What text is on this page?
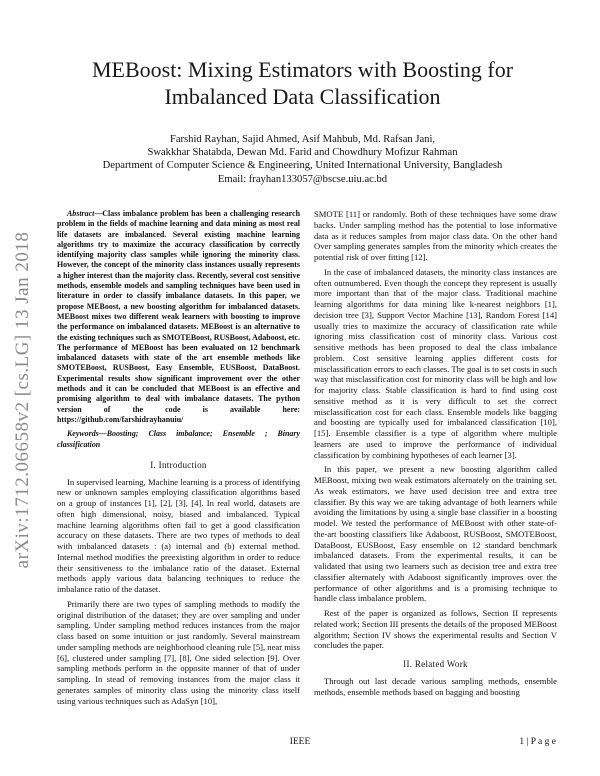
arXiv:1712.06658v2 [cs.LG] 13 Jan 2018
MEBoost: Mixing Estimators with Boosting for Imbalanced Data Classification
Farshid Rayhan, Sajid Ahmed, Asif Mahbub, Md. Rafsan Jani,
Swakkhar Shatabda, Dewan Md. Farid and Chowdhury Mofizur Rahman
Department of Computer Science & Engineering, United International University, Bangladesh
Email: frayhan133057@bscse.uiu.ac.bd
Abstract—Class imbalance problem has been a challenging research problem in the fields of machine learning and data mining as most real life datasets are imbalanced. Several existing machine learning algorithms try to maximize the accuracy classification by correctly identifying majority class samples while ignoring the minority class. However, the concept of the minority class instances usually represents a higher interest than the majority class. Recently, several cost sensitive methods, ensemble models and sampling techniques have been used in literature in order to classify imbalance datasets. In this paper, we propose MEBoost, a new boosting algorithm for imbalanced datasets. MEBoost mixes two different weak learners with boosting to improve the performance on imbalanced datasets. MEBoost is an alternative to the existing techniques such as SMOTEBoost, RUSBoost, Adaboost, etc. The performance of MEBoost has been evaluated on 12 benchmark imbalanced datasets with state of the art ensemble methods like SMOTEBoost, RUSBoost, Easy Ensemble, EUSBoost, DataBoost. Experimental results show significant improvement over the other methods and it can be concluded that MEBoost is an effective and promising algorithm to deal with imbalance datasets. The python version of the code is available here: https://github.com/farshidrayhanuiu/
Keywords—Boosting; Class imbalance; Ensemble ; Binary classification
I. Introduction

In supervised learning, Machine learning is a process of identifying new or unknown samples employing classification algorithms based on a group of instances [1], [2], [3], [4]. In real world, datasets are often high dimensional, noisy, biased and imbalanced. Typical machine learning algorithms often fail to get a good classification accuracy on these datasets. There are two types of methods to deal with imbalanced datasets : (a) internal and (b) external method. Internal method modifies the preexisting algorithm in order to reduce their sensitiveness to the imbalance ratio of the dataset. External methods apply various data balancing techniques to reduce the imbalance ratio of the dataset.

Primarily there are two types of sampling methods to modify the original distribution of the dataset; they are over sampling and under sampling. Under sampling method reduces instances from the major class based on some intuition or just randomly. Several mainstream under sampling methods are neighborhood cleaning rule [5], near miss [6], clustered under sampling [7], [8], One sided selection [9]. Over sampling methods perform in the opposite manner of that of under sampling. In stead of removing instances from the major class it generates samples of minority class using the minority class itself using various techniques such as AdaSyn [10],

SMOTE [11] or randomly. Both of these techniques have some draw backs. Under sampling method has the potential to lose informative data as it reduces samples from major class data. On the other hand Over sampling generates samples from the minority which creates the potential risk of over fitting [12].

In the case of imbalanced datasets, the minority class instances are often outnumbered. Even though the concept they represent is usually more important than that of the major class. Traditional machine learning algorithms for data mining like k-nearest neighbors [1], decision tree [3], Support Vector Machine [13], Random Forest [14] usually tries to maximize the accuracy of classification rate while ignoring miss classification cost of minority class. Various cost sensitive methods has been proposed to deal the class imbalance problem. Cost sensitive learning applies different costs for misclassification errors to each classes. The goal is to set costs in such way that misclassification cost for minority class will be high and low for majority class. Stable classification is hard to find using cost sensitive method as it is very difficult to set the correct misclassification cost for each class. Ensemble models like bagging and boosting are typically used for imbalanced classification [10], [15]. Ensemble classifier is a type of algorithm where multiple learners are used to improve the performance of individual classification by combining hypotheses of each learner [3].

In this paper, we present a new boosting algorithm called MEBoost, mixing two weak estimators alternately on the training set. As weak estimators, we have used decision tree and extra tree classifier. By this way we are taking advantage of both learners while avoiding the limitations by using a single base classifier in a boosting model. We tested the performance of MEBoost with other state-of-the-art boosting classifiers like Adaboost, RUSBoost, SMOTEBoost, DataBoost, EUSBoost, Easy ensemble on 12 standard benchmark imbalanced datasets. From the experimental results, it can be validated that using two learners such as decision tree and extra tree classifier alternately with Adaboost significantly improves over the performance of other algorithms and is a promising technique to handle class imbalance problem.

Rest of the paper is organized as follows, Section II represents related work; Section III presents the details of the proposed MEBoost algorithm; Section IV shows the experimental results and Section V concludes the paper.

II. Related Work

Through out last decade various sampling methods, ensemble methods, ensemble methods based on bagging and boosting

IEEE	1 | P a g e
